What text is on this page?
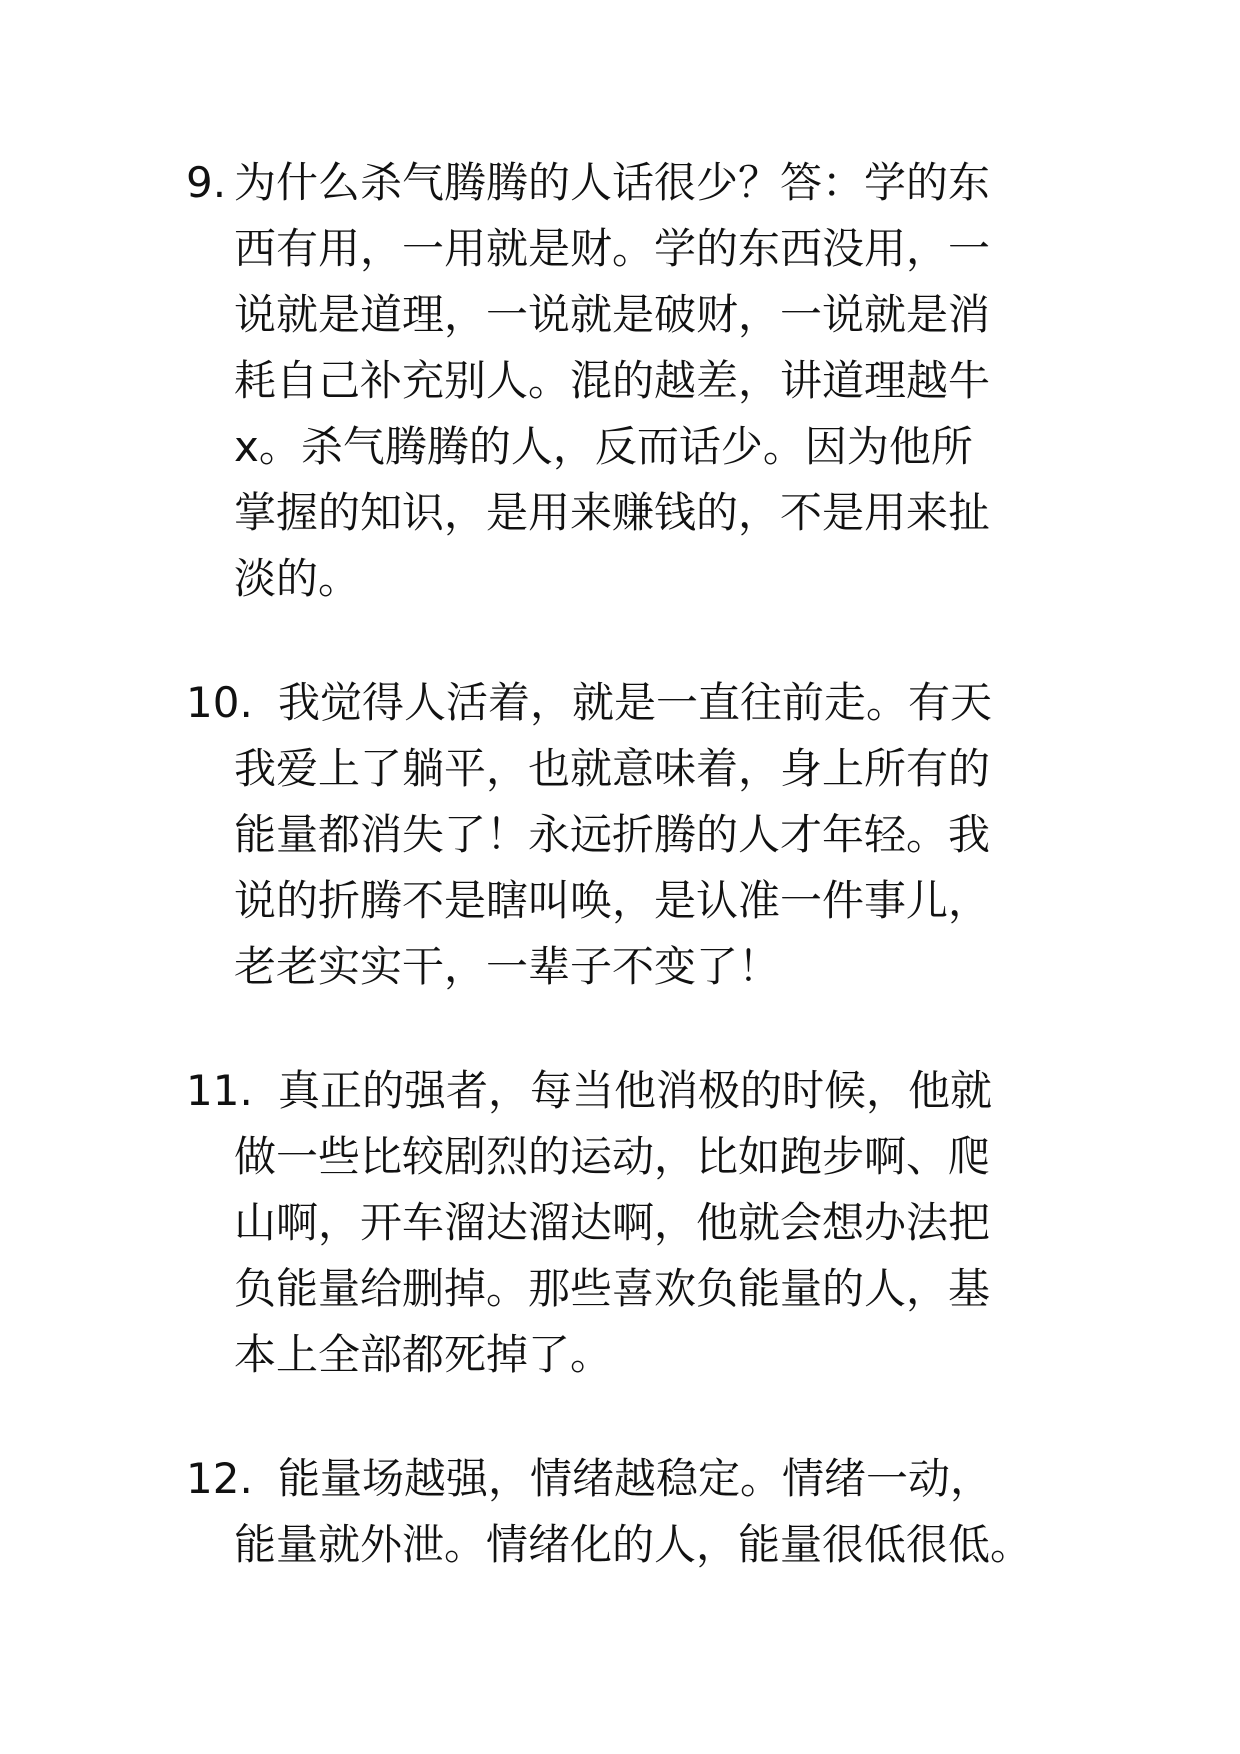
9. 为什么杀气腾腾的人话很少？答：学的东
西有用，一用就是财。学的东西没用，一
说就是道理，一说就是破财，一说就是消
耗自己补充别人。混的越差，讲道理越牛
x。杀气腾腾的人，反而话少。因为他所
掌握的知识，是用来赚钱的，不是用来扯
淡的。
10. 我觉得人活着，就是一直往前走。有天
我爱上了躺平，也就意味着，身上所有的
能量都消失了！永远折腾的人才年轻。我
说的折腾不是瞎叫唤，是认准一件事儿，
老老实实干，一辈子不变了！
11. 真正的强者，每当他消极的时候，他就
做一些比较剧烈的运动，比如跑步啊、爬
山啊，开车溜达溜达啊，他就会想办法把
负能量给删掉。那些喜欢负能量的人，基
本上全部都死掉了。
12. 能量场越强，情绪越稳定。情绪一动，
能量就外泄。情绪化的人，能量很低很低。
